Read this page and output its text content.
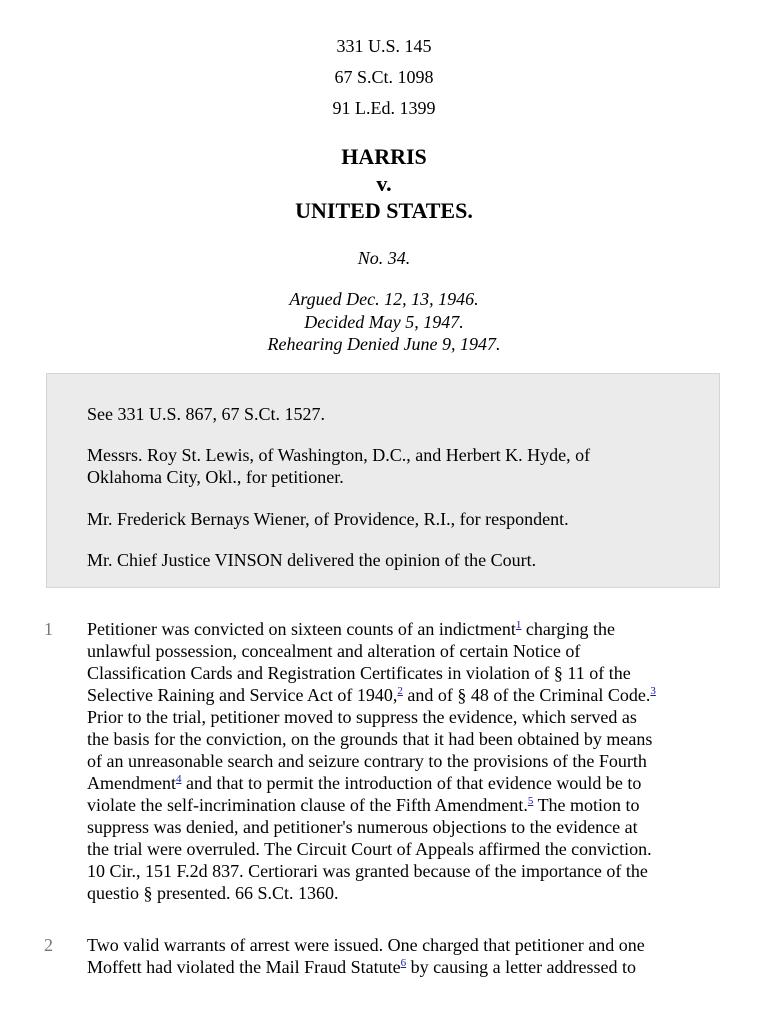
331 U.S. 145
67 S.Ct. 1098
91 L.Ed. 1399
HARRIS
v.
UNITED STATES.
No. 34.
Argued Dec. 12, 13, 1946.
Decided May 5, 1947.
Rehearing Denied June 9, 1947.

See 331 U.S. 867, 67 S.Ct. 1527.

Messrs. Roy St. Lewis, of Washington, D.C., and Herbert K. Hyde, of

Oklahoma City, Okl., for petitioner.

Mr. Frederick Bernays Wiener, of Providence, R.I., for respondent.

Mr. Chief Justice VINSON delivered the opinion of the Court.

1 Petitioner was convicted on sixteen counts of an indictment$^1$ charging the
unlawful possession, concealment and alteration of certain Notice of
Classification Cards and Registration Certificates in violation of § 11 of the
Selective Raining and Service Act of 1940,$^2$ and of § 48 of the Criminal Code.$^3$
Prior to the trial, petitioner moved to suppress the evidence, which served as
the basis for the conviction, on the grounds that it had been obtained by means
of an unreasonable search and seizure contrary to the provisions of the Fourth
Amendment$^4$ and that to permit the introduction of that evidence would be to
violate the self-incrimination clause of the Fifth Amendment.$^5$ The motion to
suppress was denied, and petitioner's numerous objections to the evidence at
the trial were overruled. The Circuit Court of Appeals affirmed the conviction.
10 Cir., 151 F.2d 837. Certiorari was granted because of the importance of the
questio § presented. 66 S.Ct. 1360.
2 Two valid warrants of arrest were issued. One charged that petitioner and one
Moffett had violated the Mail Fraud Statute$^6$ by causing a letter addressed to
